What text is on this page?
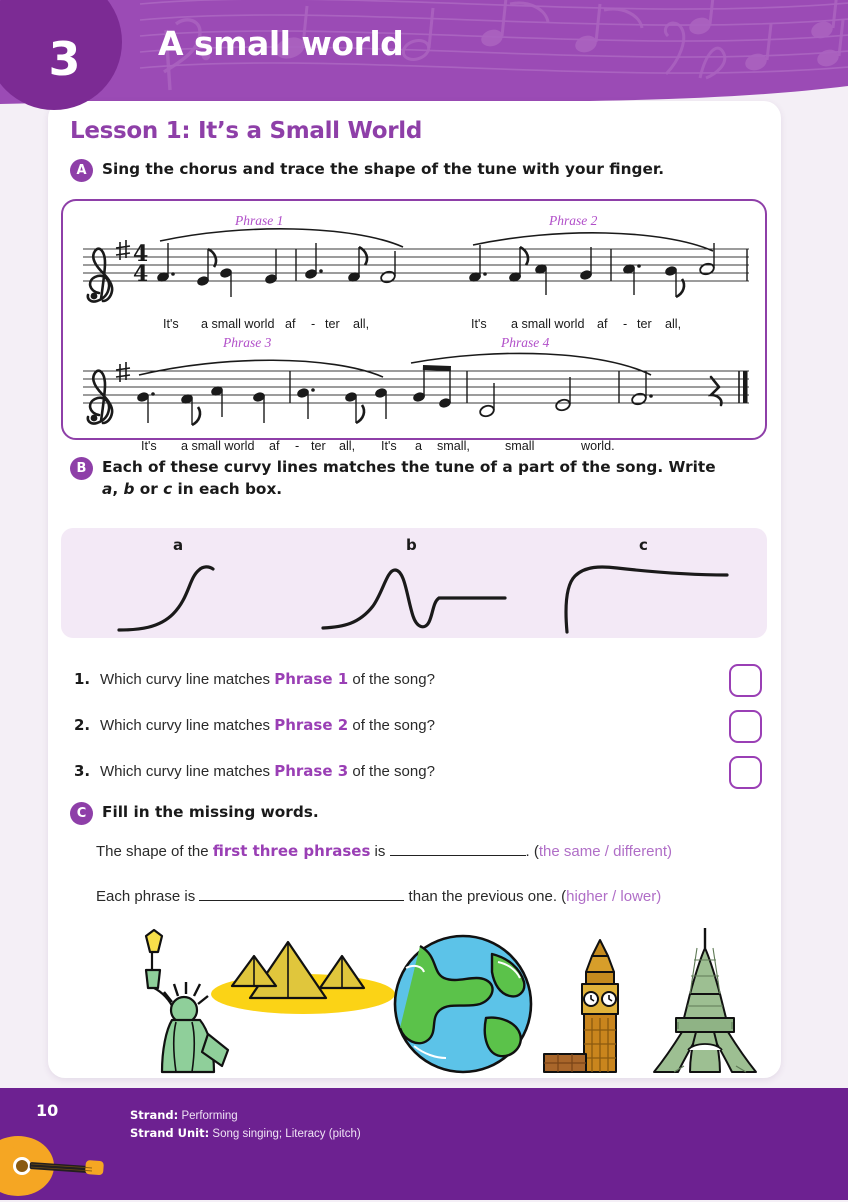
3	A small world
Lesson 1: It’s a Small World
A	Sing the chorus and trace the shape of the tune with your finger.
Phrase 1	Phrase 2
4
4
It's a small world af - ter all,	It's a small world af - ter all,
Phrase 3	Phrase 4
It's a small world af - ter all, It's a small,	small	world.
B	Each of these curvy lines matches the tune of a part of the song. Write
a, b or c in each box.
a	b	c
1. Which curvy line matches Phrase 1 of the song?
2. Which curvy line matches Phrase 2 of the song?
3. Which curvy line matches Phrase 3 of the song?
C	Fill in the missing words.
The shape of the first three phrases is	. (the same / different)
Each phrase is	than the previous one. (higher / lower)
10	Strand: Performing
Strand Unit: Song singing; Literacy (pitch)
